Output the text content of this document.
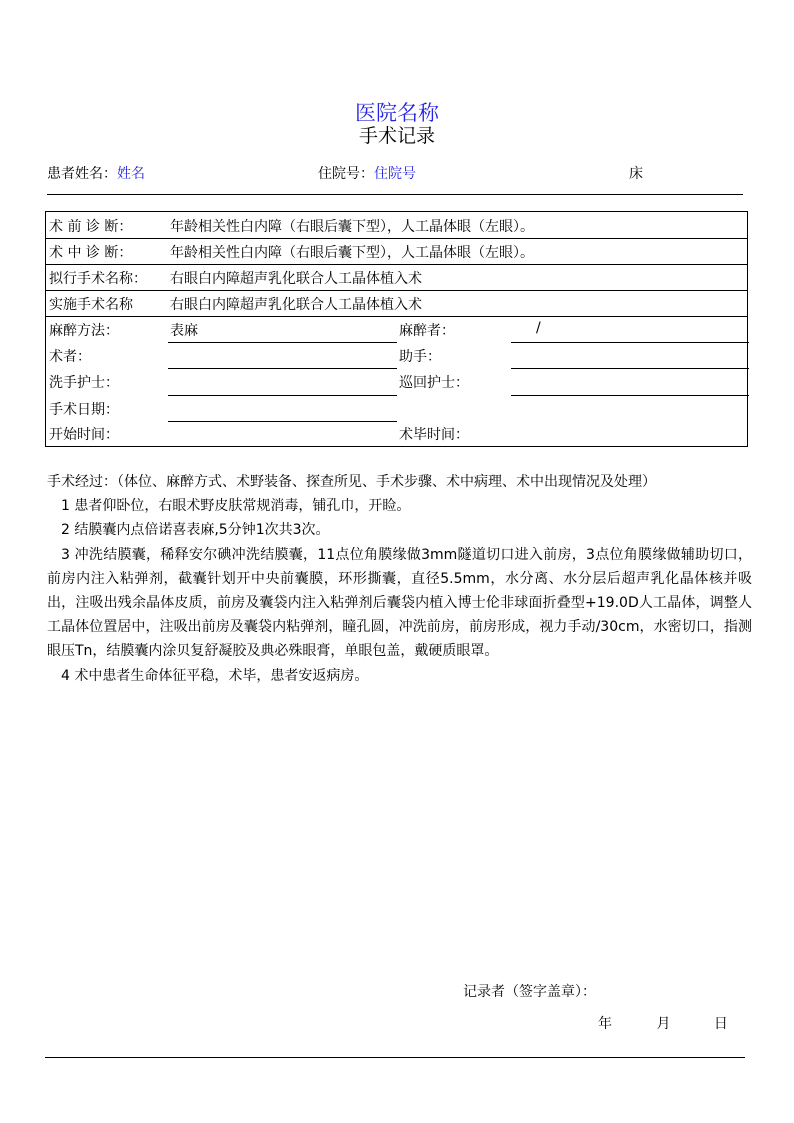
医院名称
手术记录
患者姓名：姓名	住院号：住院号	床
术 前 诊 断：	年龄相关性白内障（右眼后囊下型），人工晶体眼（左眼）。
术 中 诊 断：	年龄相关性白内障（右眼后囊下型），人工晶体眼（左眼）。
拟行手术名称： 右眼白内障超声乳化联合人工晶体植入术
实施手术名称	右眼白内障超声乳化联合人工晶体植入术
麻醉方法：	表麻	麻醉者：	/
术者：	助手：
洗手护士：	巡回护士：
手术日期：
开始时间：	术毕时间：

手术经过：（体位、麻醉方式、术野装备、探查所见、手术步骤、术中病理、术中出现情况及处理）

1 患者仰卧位，右眼术野皮肤常规消毒，铺孔巾，开睑。

2 结膜囊内点倍诺喜表麻,5分钟1次共3次。

3 冲洗结膜囊，稀释安尔碘冲洗结膜囊，11点位角膜缘做3mm隧道切口进入前房，3点位角膜缘做辅助切口，前房内注入粘弹剂，截囊针划开中央前囊膜，环形撕囊，直径5.5mm，水分离、水分层后超声乳化晶体核并吸出，注吸出残余晶体皮质，前房及囊袋内注入粘弹剂后囊袋内植入博士伦非球面折叠型+19.0D人工晶体，调整人工晶体位置居中，注吸出前房及囊袋内粘弹剂，瞳孔圆，冲洗前房，前房形成，视力手动/30cm，水密切口，指测眼压Tn，结膜囊内涂贝复舒凝胶及典必殊眼膏，单眼包盖，戴硬质眼罩。

4 术中患者生命体征平稳，术毕，患者安返病房。

记录者（签字盖章）：
年	月	日
